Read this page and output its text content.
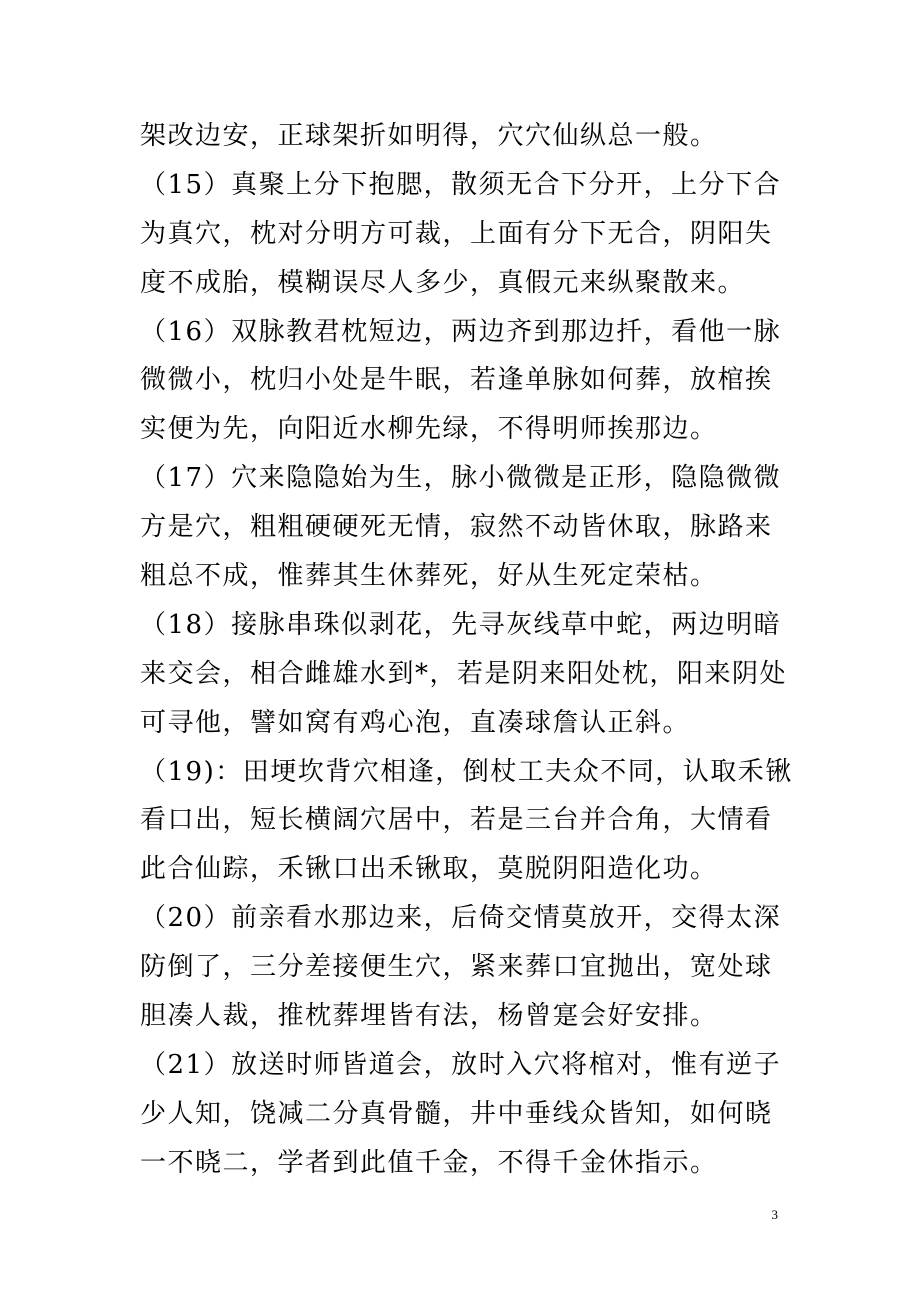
架改边安，正球架折如明得，穴穴仙纵总一般。
（15）真聚上分下抱腮，散须无合下分开，上分下合
为真穴，枕对分明方可裁，上面有分下无合，阴阳失
度不成胎，模糊误尽人多少，真假元来纵聚散来。
（16）双脉教君枕短边，两边齐到那边扦，看他一脉
微微小，枕归小处是牛眠，若逢单脉如何葬，放棺挨
实便为先，向阳近水柳先绿，不得明师挨那边。
（17）穴来隐隐始为生，脉小微微是正形，隐隐微微
方是穴，粗粗硬硬死无情，寂然不动皆休取，脉路来
粗总不成，惟葬其生休葬死，好从生死定荣枯。
（18）接脉串珠似剥花，先寻灰线草中蛇，两边明暗
来交会，相合雌雄水到*，若是阴来阳处枕，阳来阴处
可寻他，譬如窝有鸡心泡，直凑球詹认正斜。
（19)：田埂坎背穴相逢，倒杖工夫众不同，认取禾锹
看口出，短长横阔穴居中，若是三台并合角，大情看
此合仙踪，禾锹口出禾锹取，莫脱阴阳造化功。
（20）前亲看水那边来，后倚交情莫放开，交得太深
防倒了，三分差接便生穴，紧来葬口宜抛出，宽处球
胆凑人裁，推枕葬埋皆有法，杨曾寔会好安排。
（21）放送时师皆道会，放时入穴将棺对，惟有逆子
少人知，饶减二分真骨髓，井中垂线众皆知，如何晓
一不晓二，学者到此值千金，不得千金休指示。
3
